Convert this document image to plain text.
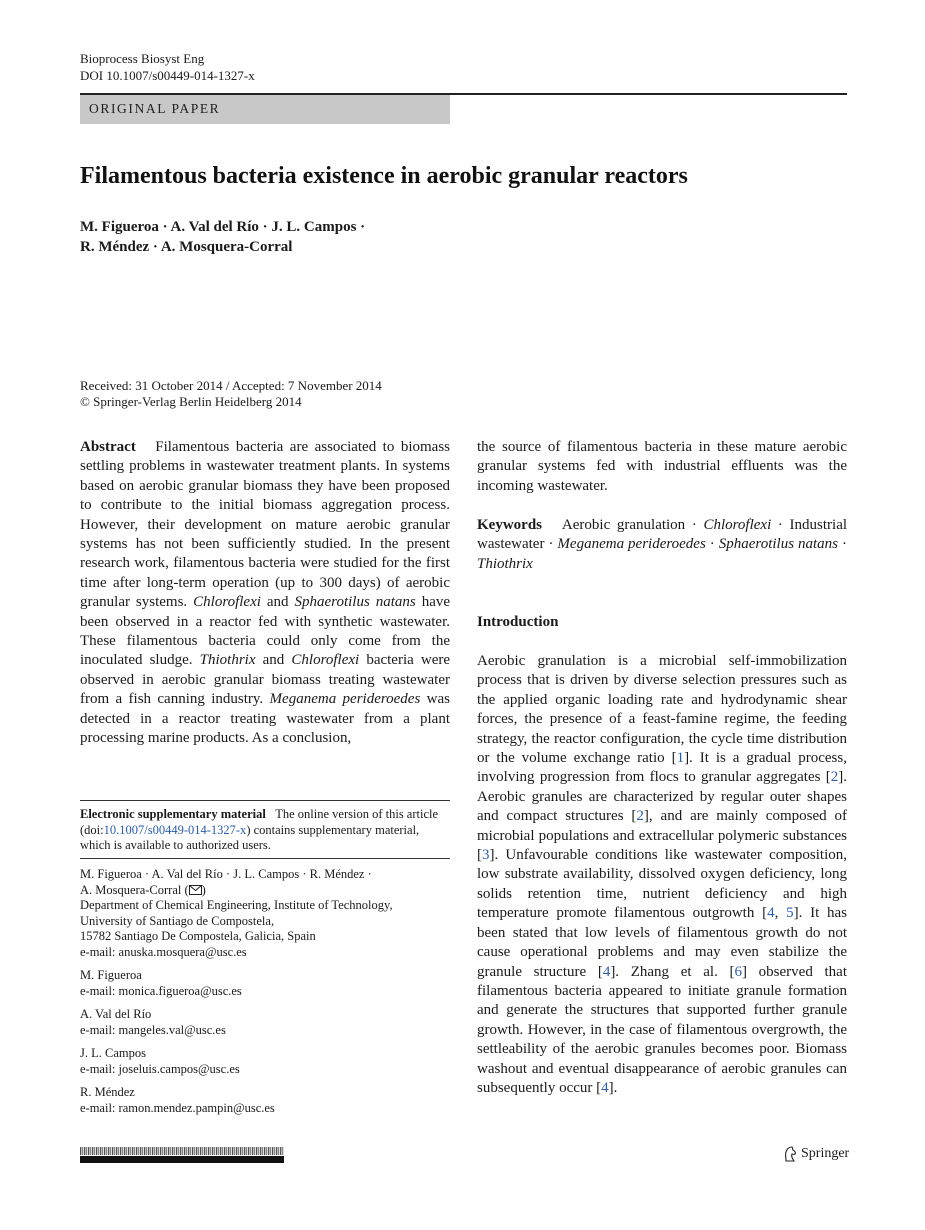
Bioprocess Biosyst Eng
DOI 10.1007/s00449-014-1327-x
ORIGINAL PAPER
Filamentous bacteria existence in aerobic granular reactors
M. Figueroa · A. Val del Río · J. L. Campos ·
R. Méndez · A. Mosquera-Corral
Received: 31 October 2014 / Accepted: 7 November 2014
© Springer-Verlag Berlin Heidelberg 2014

Abstract Filamentous bacteria are associated to biomass settling problems in wastewater treatment plants. In systems based on aerobic granular biomass they have been proposed to contribute to the initial biomass aggregation process. However, their development on mature aerobic granular systems has not been sufficiently studied. In the present research work, filamentous bacteria were studied for the first time after long-term operation (up to 300 days) of aerobic granular systems. Chloroflexi and Sphaerotilus natans have been observed in a reactor fed with synthetic wastewater. These filamentous bacteria could only come from the inoculated sludge. Thiothrix and Chloroflexi bacteria were observed in aerobic granular biomass treating wastewater from a fish canning industry. Meganema perideroedes was detected in a reactor treating wastewater from a plant processing marine products. As a conclusion,

Electronic supplementary material The online version of this article (doi:10.1007/s00449-014-1327-x) contains supplementary material, which is available to authorized users.

M. Figueroa · A. Val del Río · J. L. Campos · R. Méndez ·
A. Mosquera-Corral ( )
Department of Chemical Engineering, Institute of Technology,
University of Santiago de Compostela,
15782 Santiago De Compostela, Galicia, Spain
e-mail: anuska.mosquera@usc.es

M. Figueroa
e-mail: monica.figueroa@usc.es

A. Val del Río
e-mail: mangeles.val@usc.es

J. L. Campos
e-mail: joseluis.campos@usc.es

R. Méndez
e-mail: ramon.mendez.pampin@usc.es

the source of filamentous bacteria in these mature aerobic granular systems fed with industrial effluents was the incoming wastewater.

Keywords Aerobic granulation · Chloroflexi · Industrial wastewater · Meganema perideroedes · Sphaerotilus natans · Thiothrix

Introduction

Aerobic granulation is a microbial self-immobilization process that is driven by diverse selection pressures such as the applied organic loading rate and hydrodynamic shear forces, the presence of a feast-famine regime, the feeding strategy, the reactor configuration, the cycle time distribution or the volume exchange ratio [1]. It is a gradual process, involving progression from flocs to granular aggregates [2]. Aerobic granules are characterized by regular outer shapes and compact structures [2], and are mainly composed of microbial populations and extracellular polymeric substances [3]. Unfavourable conditions like wastewater composition, low substrate availability, dissolved oxygen deficiency, long solids retention time, nutrient deficiency and high temperature promote filamentous outgrowth [4, 5]. It has been stated that low levels of filamentous growth do not cause operational problems and may even stabilize the granule structure [4]. Zhang et al. [6] observed that filamentous bacteria appeared to initiate granule formation and generate the structures that supported further granule growth. However, in the case of filamentous overgrowth, the settleability of the aerobic granules becomes poor. Biomass washout and eventual disappearance of aerobic granules can subsequently occur [4].

Springer
